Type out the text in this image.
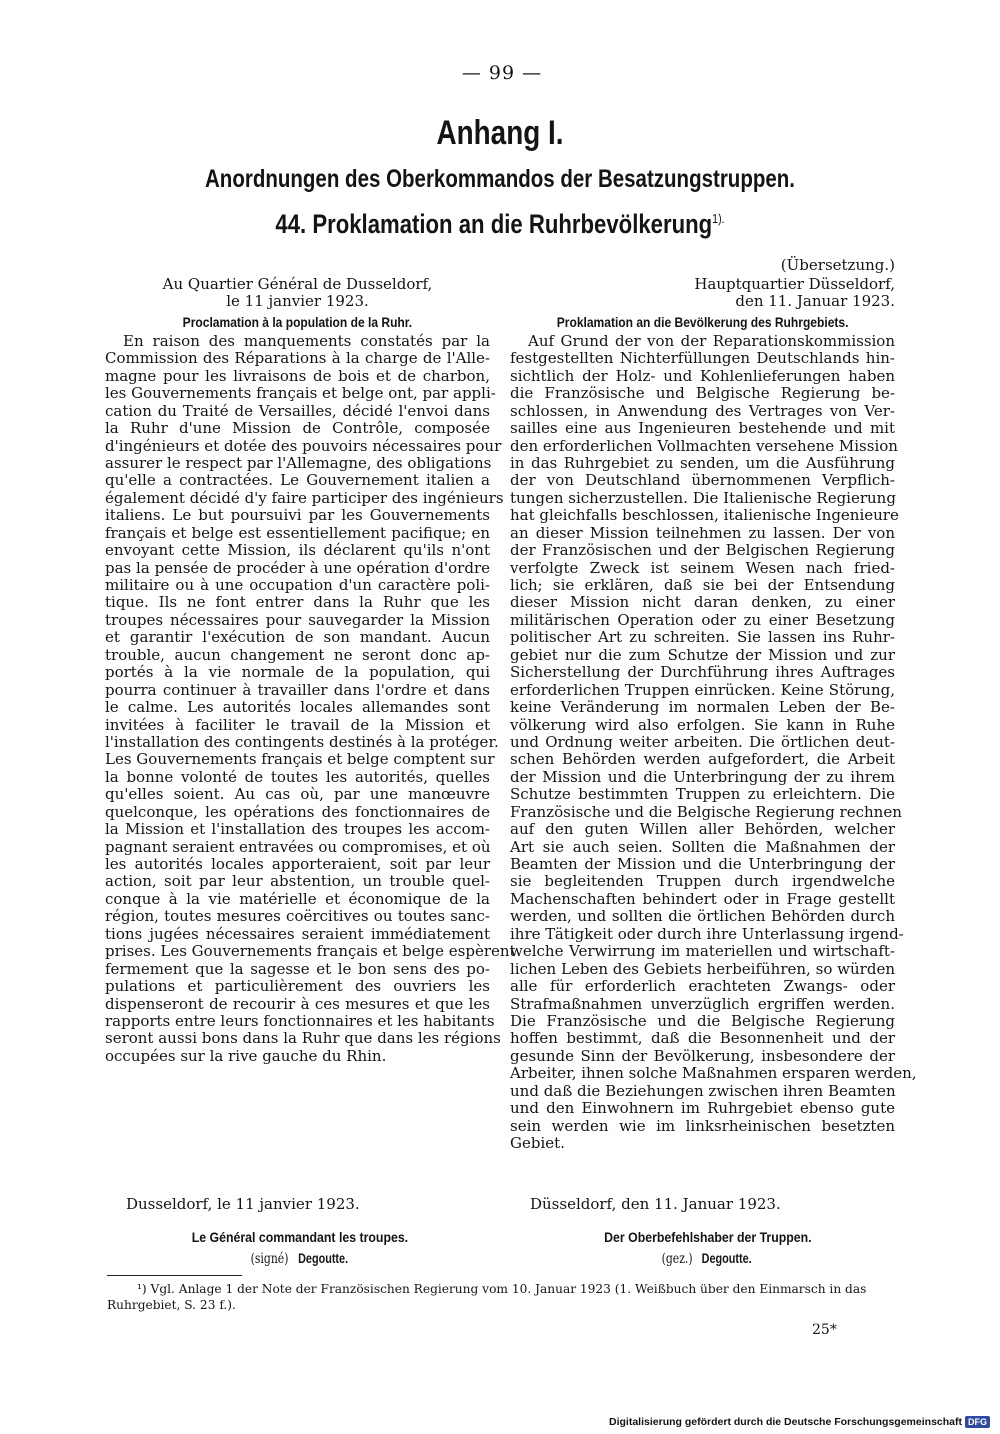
— 99 —
Anhang I.
Anordnungen des Oberkommandos der Besatzungstruppen.
44. Proklamation an die Ruhrbevölkerung$^{1).}$
Au Quartier Général de Dusseldorf,
le 11 janvier 1923.
Proclamation à la population de la Ruhr.
En raison des manquements constatés par la
Commission des Réparations à la charge de l'Alle-
magne pour les livraisons de bois et de charbon,
les Gouvernements français et belge ont, par appli-
cation du Traité de Versailles, décidé l'envoi dans
la Ruhr d'une Mission de Contrôle, composée
d'ingénieurs et dotée des pouvoirs nécessaires pour
assurer le respect par l'Allemagne, des obligations
qu'elle a contractées. Le Gouvernement italien a
également décidé d'y faire participer des ingénieurs
italiens. Le but poursuivi par les Gouvernements
français et belge est essentiellement pacifique; en
envoyant cette Mission, ils déclarent qu'ils n'ont
pas la pensée de procéder à une opération d'ordre
militaire ou à une occupation d'un caractère poli-
tique. Ils ne font entrer dans la Ruhr que les
troupes nécessaires pour sauvegarder la Mission
et garantir l'exécution de son mandant. Aucun
trouble, aucun changement ne seront donc ap-
portés à la vie normale de la population, qui
pourra continuer à travailler dans l'ordre et dans
le calme. Les autorités locales allemandes sont
invitées à faciliter le travail de la Mission et
l'installation des contingents destinés à la protéger.
Les Gouvernements français et belge comptent sur
la bonne volonté de toutes les autorités, quelles
qu'elles soient. Au cas où, par une manœuvre
quelconque, les opérations des fonctionnaires de
la Mission et l'installation des troupes les accom-
pagnant seraient entravées ou compromises, et où
les autorités locales apporteraient, soit par leur
action, soit par leur abstention, un trouble quel-
conque à la vie matérielle et économique de la
région, toutes mesures coërcitives ou toutes sanc-
tions jugées nécessaires seraient immédiatement
prises. Les Gouvernements français et belge espèrent
fermement que la sagesse et le bon sens des po-
pulations et particulièrement des ouvriers les
dispenseront de recourir à ces mesures et que les
rapports entre leurs fonctionnaires et les habitants
seront aussi bons dans la Ruhr que dans les régions
occupées sur la rive gauche du Rhin.
(Übersetzung.)
Hauptquartier Düsseldorf,
den 11. Januar 1923.
Proklamation an die Bevölkerung des Ruhrgebiets.
Auf Grund der von der Reparationskommission
festgestellten Nichterfüllungen Deutschlands hin-
sichtlich der Holz- und Kohlenlieferungen haben
die Französische und Belgische Regierung be-
schlossen, in Anwendung des Vertrages von Ver-
sailles eine aus Ingenieuren bestehende und mit
den erforderlichen Vollmachten versehene Mission
in das Ruhrgebiet zu senden, um die Ausführung
der von Deutschland übernommenen Verpflich-
tungen sicherzustellen. Die Italienische Regierung
hat gleichfalls beschlossen, italienische Ingenieure
an dieser Mission teilnehmen zu lassen. Der von
der Französischen und der Belgischen Regierung
verfolgte Zweck ist seinem Wesen nach fried-
lich; sie erklären, daß sie bei der Entsendung
dieser Mission nicht daran denken, zu einer
militärischen Operation oder zu einer Besetzung
politischer Art zu schreiten. Sie lassen ins Ruhr-
gebiet nur die zum Schutze der Mission und zur
Sicherstellung der Durchführung ihres Auftrages
erforderlichen Truppen einrücken. Keine Störung,
keine Veränderung im normalen Leben der Be-
völkerung wird also erfolgen. Sie kann in Ruhe
und Ordnung weiter arbeiten. Die örtlichen deut-
schen Behörden werden aufgefordert, die Arbeit
der Mission und die Unterbringung der zu ihrem
Schutze bestimmten Truppen zu erleichtern. Die
Französische und die Belgische Regierung rechnen
auf den guten Willen aller Behörden, welcher
Art sie auch seien. Sollten die Maßnahmen der
Beamten der Mission und die Unterbringung der
sie begleitenden Truppen durch irgendwelche
Machenschaften behindert oder in Frage gestellt
werden, und sollten die örtlichen Behörden durch
ihre Tätigkeit oder durch ihre Unterlassung irgend-
welche Verwirrung im materiellen und wirtschaft-
lichen Leben des Gebiets herbeiführen, so würden
alle für erforderlich erachteten Zwangs- oder
Strafmaßnahmen unverzüglich ergriffen werden.
Die Französische und die Belgische Regierung
hoffen bestimmt, daß die Besonnenheit und der
gesunde Sinn der Bevölkerung, insbesondere der
Arbeiter, ihnen solche Maßnahmen ersparen werden,
und daß die Beziehungen zwischen ihren Beamten
und den Einwohnern im Ruhrgebiet ebenso gute
sein werden wie im linksrheinischen besetzten
Gebiet.
Dusseldorf, le 11 janvier 1923.	Düsseldorf, den 11. Januar 1923.
Le Général commandant les troupes.
(signé) Degoutte.
Der Oberbefehlshaber der Truppen.
(gez.) Degoutte.
¹) Vgl. Anlage 1 der Note der Französischen Regierung vom 10. Januar 1923 (1. Weißbuch über den Einmarsch in das
Ruhrgebiet, S. 23 f.).
25*
Digitalisierung gefördert durch die Deutsche Forschungsgemeinschaft DFG
